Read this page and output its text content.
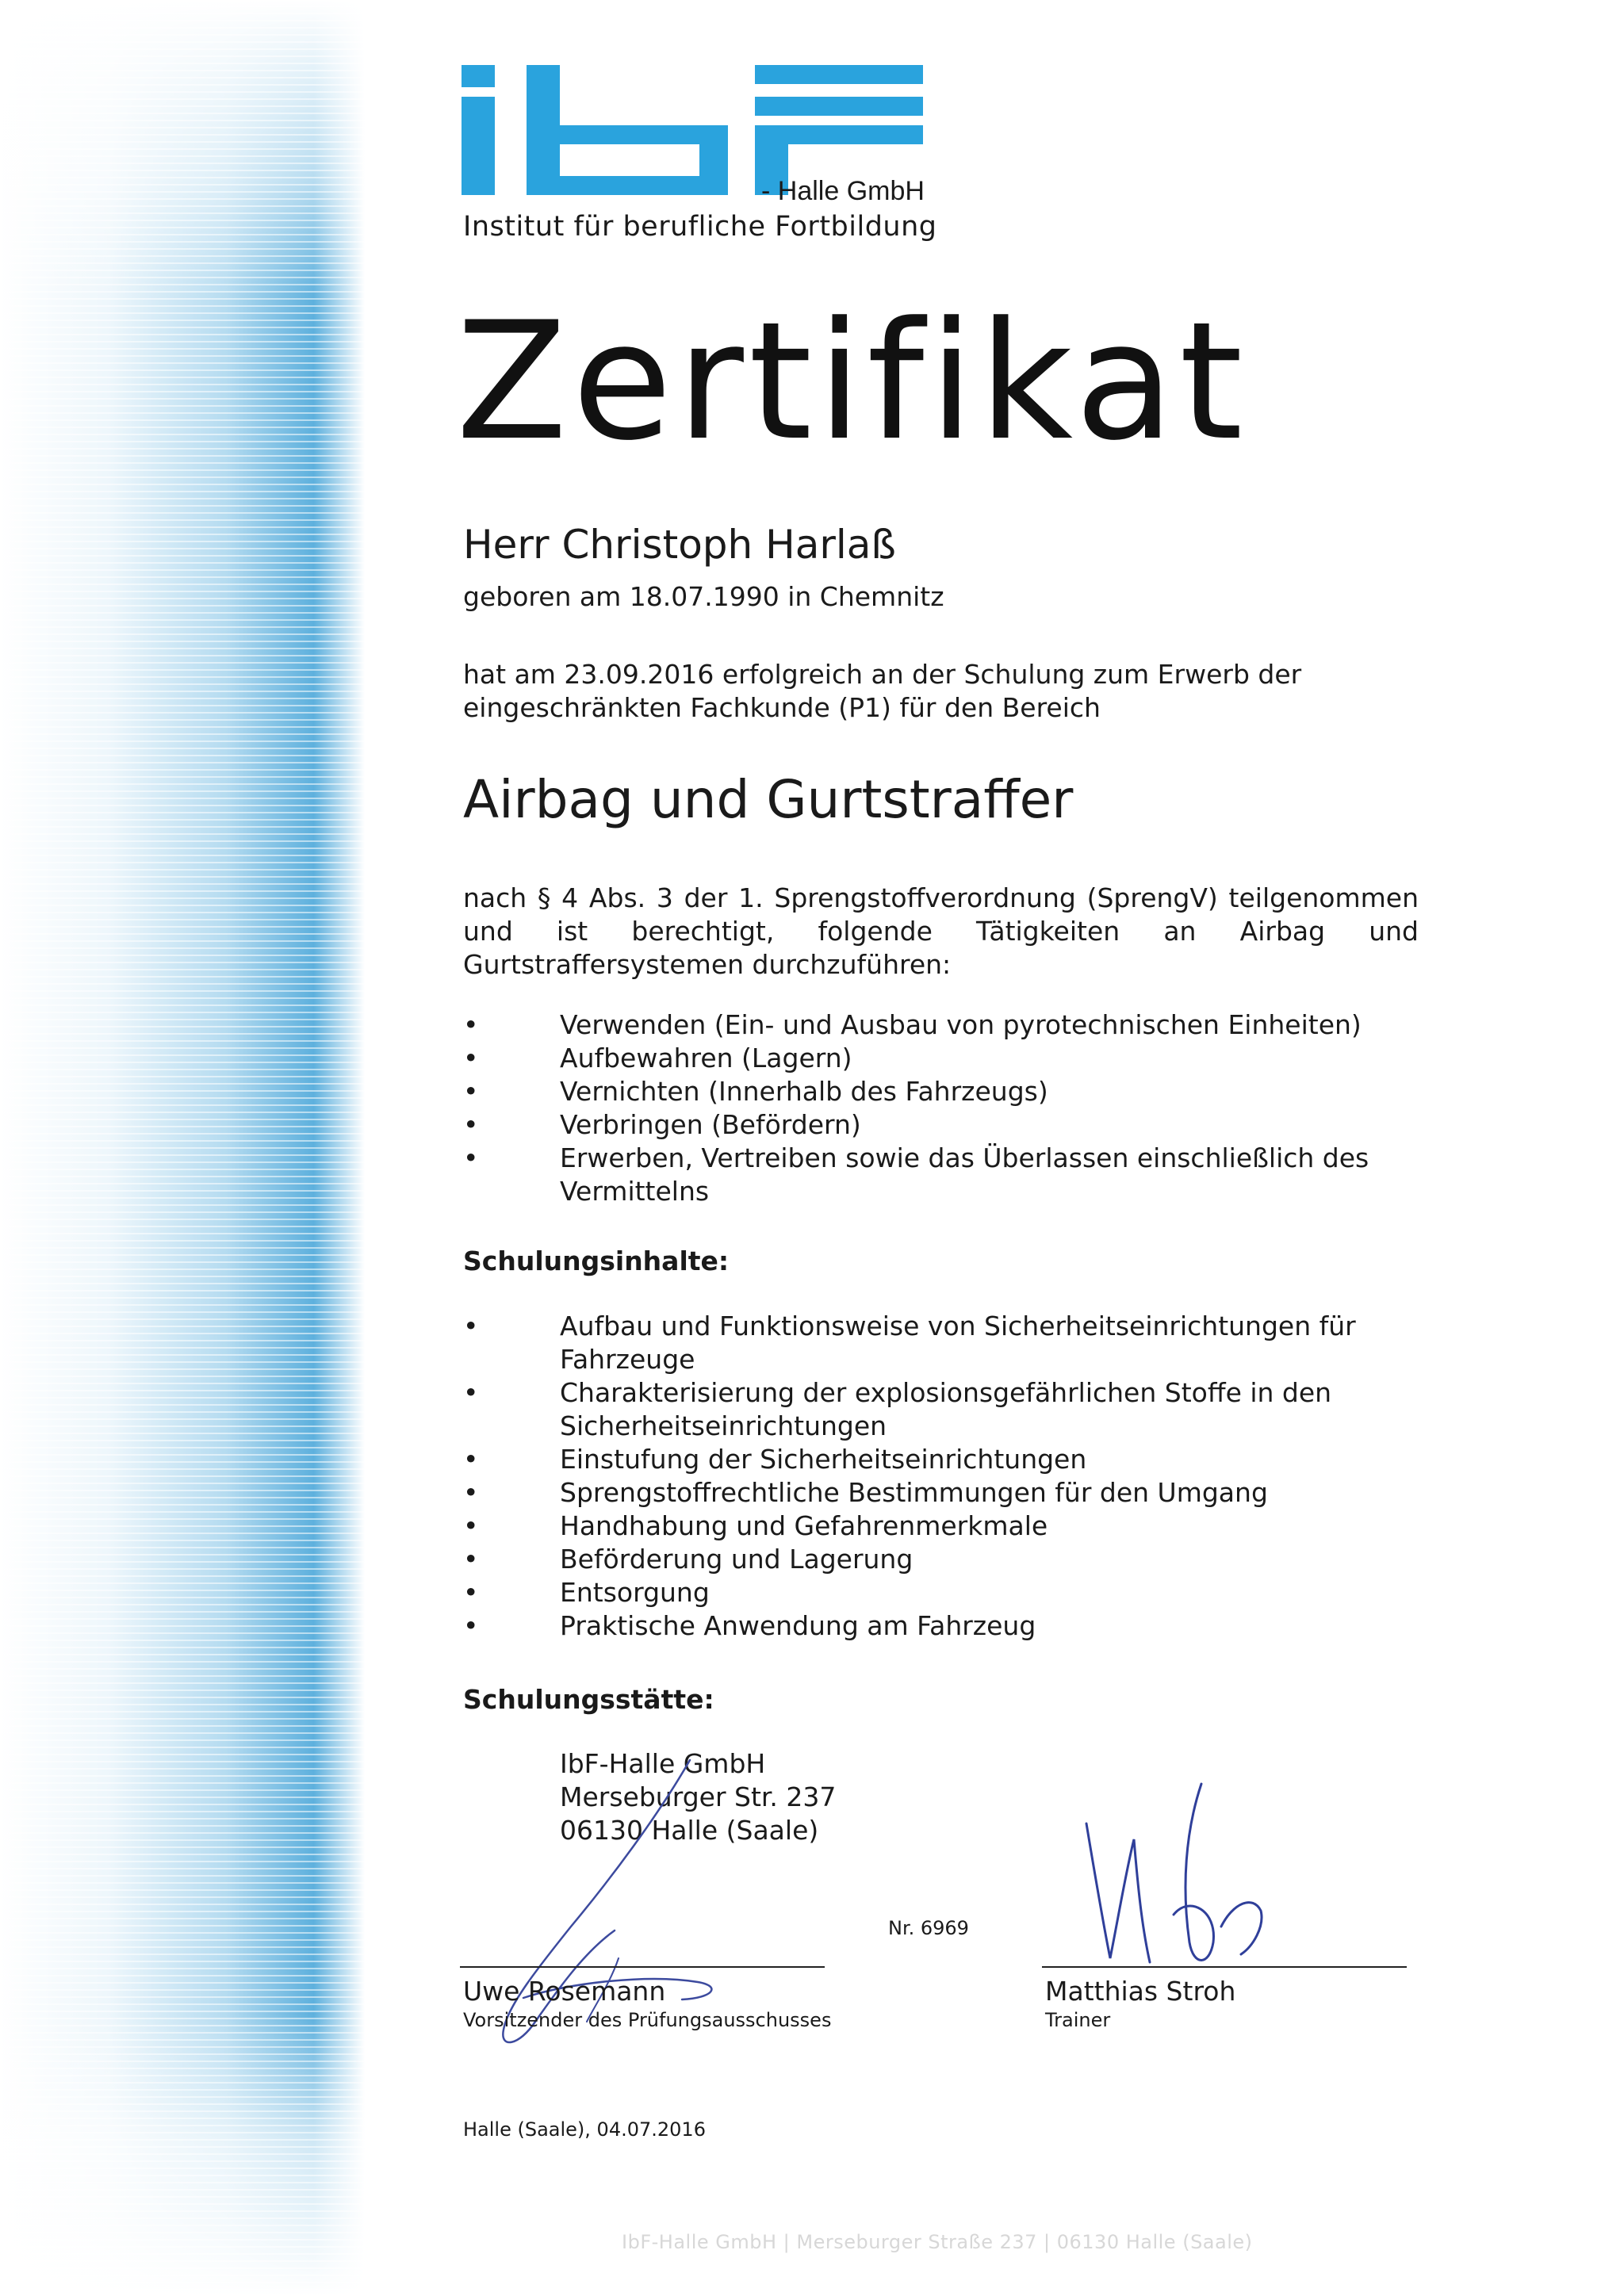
- Halle GmbH
Institut für berufliche Fortbildung
Zertifikat
Herr Christoph Harlaß
geboren am 18.07.1990 in Chemnitz
hat am 23.09.2016 erfolgreich an der Schulung zum Erwerb der eingeschränkten Fachkunde (P1) für den Bereich
Airbag und Gurtstraffer
nach § 4 Abs. 3 der 1. Sprengstoffverordnung (SprengV) teilgenommen und ist berechtigt, folgende Tätigkeiten an Airbag und Gurtstraffersystemen durchzuführen:
•	Verwenden (Ein- und Ausbau von pyrotechnischen Einheiten)
•	Aufbewahren (Lagern)
•	Vernichten (Innerhalb des Fahrzeugs)
•	Verbringen (Befördern)
•	Erwerben, Vertreiben sowie das Überlassen einschließlich des Vermittelns
Schulungsinhalte:
•	Aufbau und Funktionsweise von Sicherheitseinrichtungen für Fahrzeuge
•	Charakterisierung der explosionsgefährlichen Stoffe in den Sicherheitseinrichtungen
•	Einstufung der Sicherheitseinrichtungen
•	Sprengstoffrechtliche Bestimmungen für den Umgang
•	Handhabung und Gefahrenmerkmale
•	Beförderung und Lagerung
•	Entsorgung
•	Praktische Anwendung am Fahrzeug
Schulungsstätte:
IbF-Halle GmbH
Merseburger Str. 237
06130 Halle (Saale)
Nr. 6969
Uwe Rosemann
Vorsitzender des Prüfungsausschusses
Matthias Stroh
Trainer
Halle (Saale), 04.07.2016
IbF-Halle GmbH | Merseburger Straße 237 | 06130 Halle (Saale)
